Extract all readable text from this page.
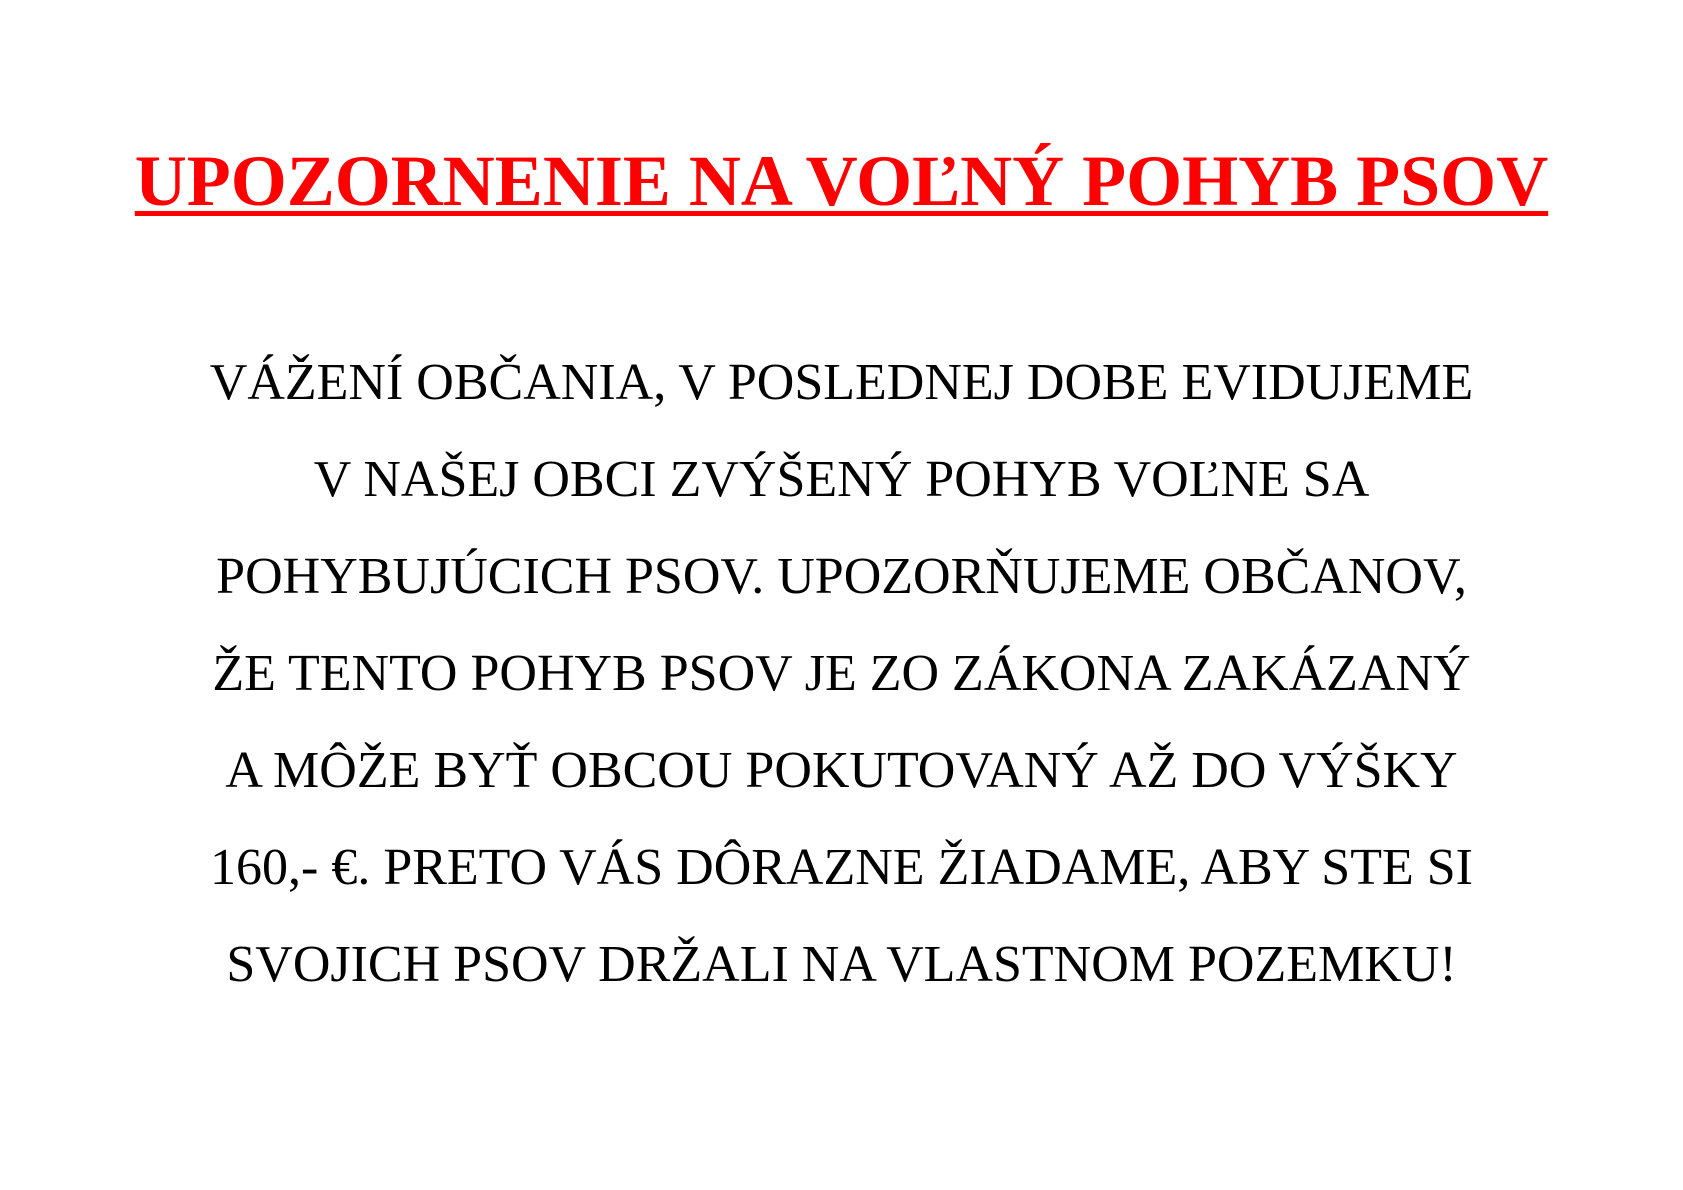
UPOZORNENIE NA VOĽNÝ POHYB PSOV
VÁŽENÍ OBČANIA, V POSLEDNEJ DOBE EVIDUJEME
V NAŠEJ OBCI ZVÝŠENÝ POHYB VOĽNE SA
POHYBUJÚCICH PSOV. UPOZORŇUJEME OBČANOV,
ŽE TENTO POHYB PSOV JE ZO ZÁKONA ZAKÁZANÝ
A MÔŽE BYŤ OBCOU POKUTOVANÝ AŽ DO VÝŠKY
160,- €. PRETO VÁS DÔRAZNE ŽIADAME, ABY STE SI
SVOJICH PSOV DRŽALI NA VLASTNOM POZEMKU!
